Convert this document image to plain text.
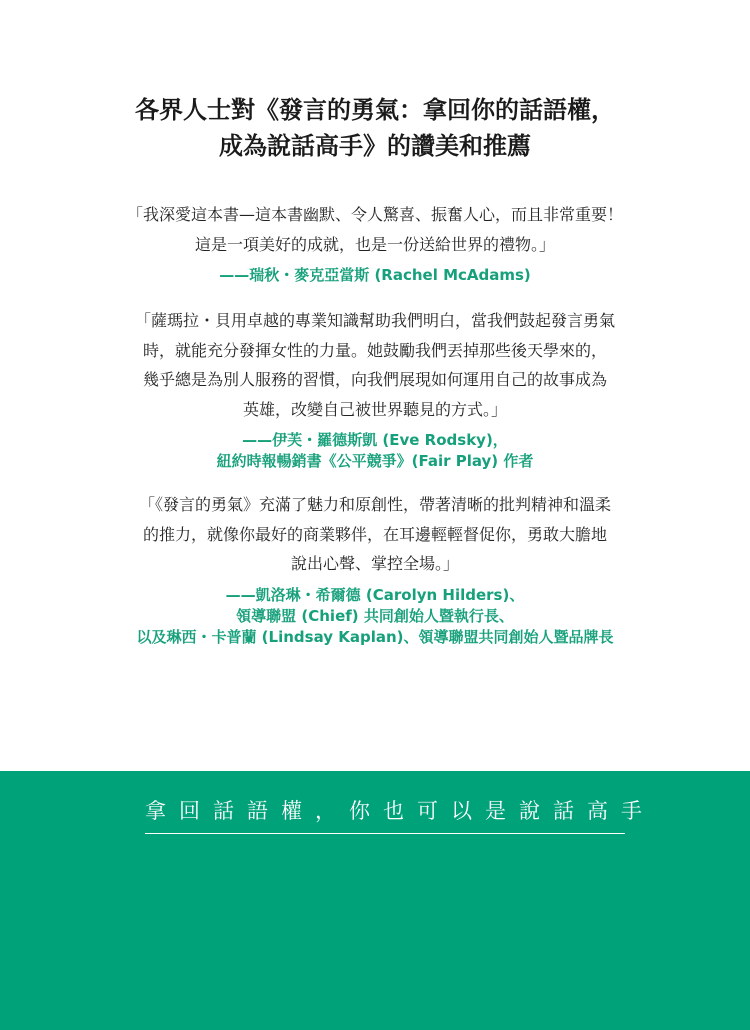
各界人士對《發言的勇氣：拿回你的話語權，
成為說話高手》的讚美和推薦

「我深愛這本書—這本書幽默、令人驚喜、振奮人心，而且非常重要！
這是一項美好的成就，也是一份送給世界的禮物。」

——瑞秋・麥克亞當斯 (Rachel McAdams)

「薩瑪拉・貝用卓越的專業知識幫助我們明白，當我們鼓起發言勇氣
時，就能充分發揮女性的力量。她鼓勵我們丟掉那些後天學來的，
幾乎總是為別人服務的習慣，向我們展現如何運用自己的故事成為
英雄，改變自己被世界聽見的方式。」

——伊芙・羅德斯凱 (Eve Rodsky)，
紐約時報暢銷書《公平競爭》(Fair Play) 作者

「《發言的勇氣》充滿了魅力和原創性，帶著清晰的批判精神和溫柔
的推力，就像你最好的商業夥伴，在耳邊輕輕督促你，勇敢大膽地
說出心聲、掌控全場。」

——凱洛琳・希爾德 (Carolyn Hilders)、
領導聯盟 (Chief) 共同創始人暨執行長、
以及琳西・卡普蘭 (Lindsay Kaplan)、領導聯盟共同創始人暨品牌長

拿回話語權，你也可以是說話高手
